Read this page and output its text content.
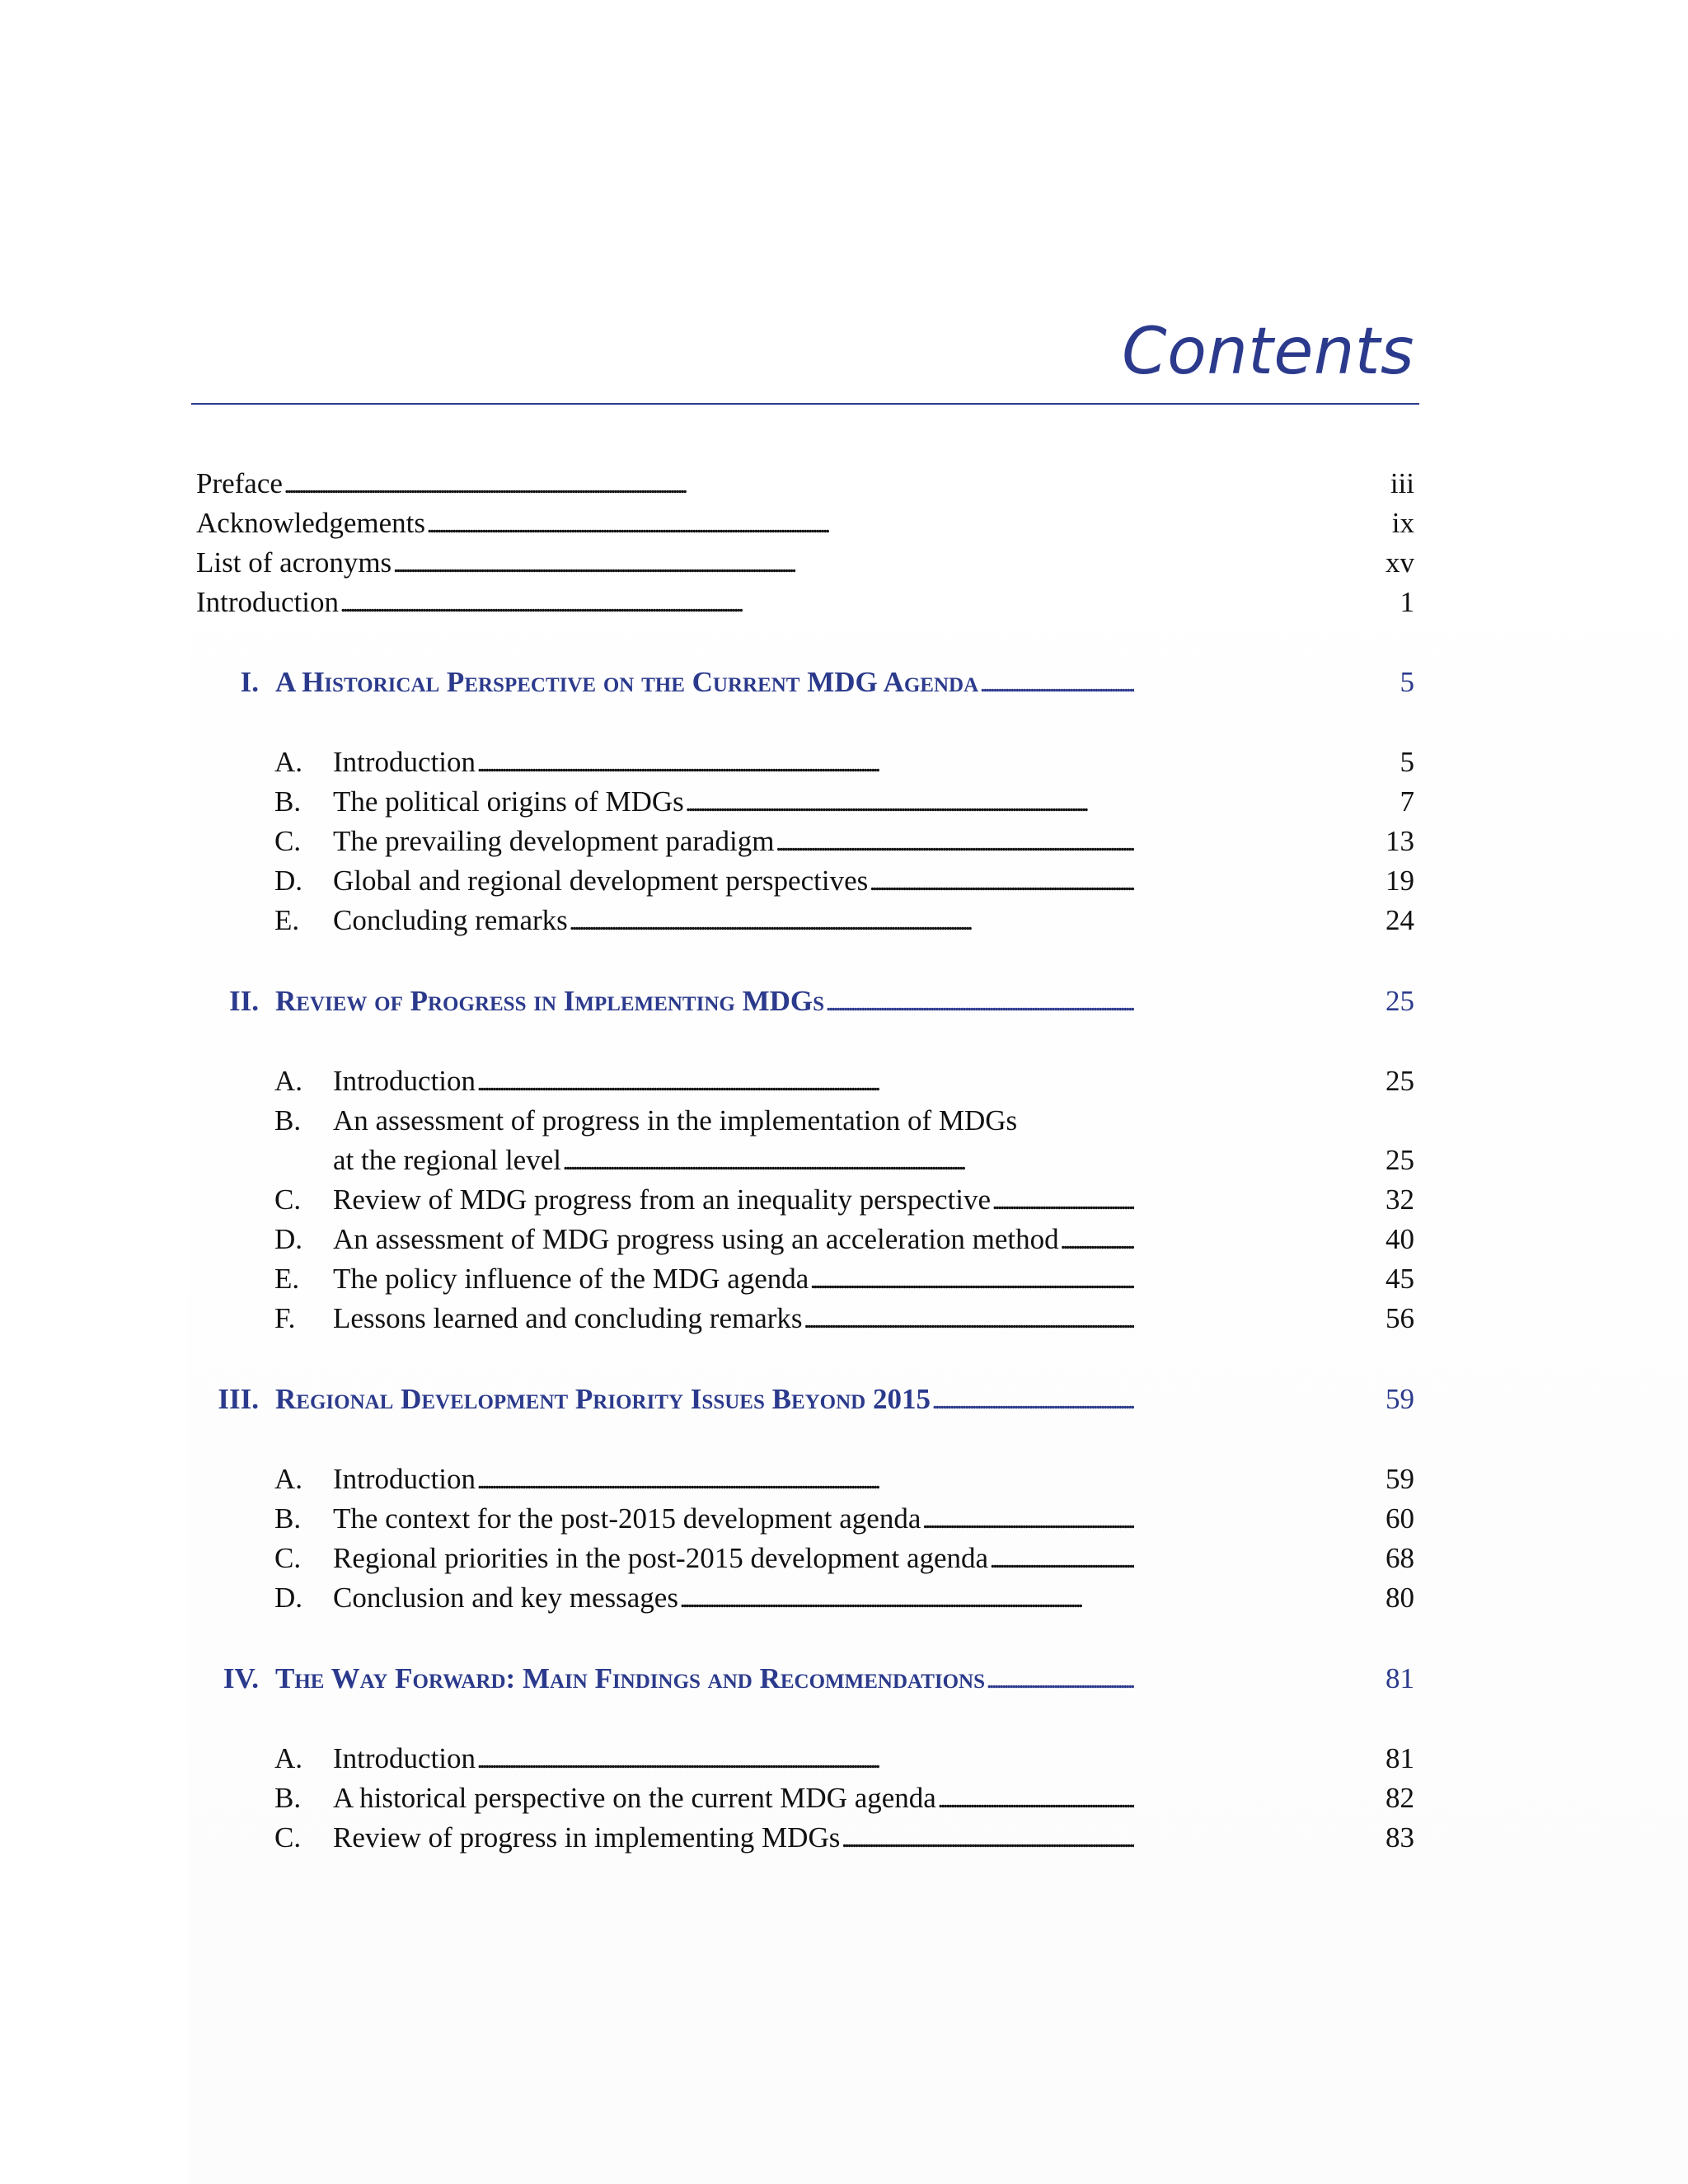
Contents
Preface . . .	iii
Acknowledgements . . .	ix
List of acronyms . . .	xv
Introduction . . .	1
I. A Historical Perspective on the Current MDG Agenda . . .	5
A. Introduction . . .	5
B. The political origins of MDGs . . .	7
C. The prevailing development paradigm . . .	13
D. Global and regional development perspectives . . .	19
E. Concluding remarks . . .	24
II. Review of Progress in Implementing MDGs . . .	25
A. Introduction . . .	25
B. An assessment of progress in the implementation of MDGs
at the regional level . . .	25
C. Review of MDG progress from an inequality perspective . . .	32
D. An assessment of MDG progress using an acceleration method . . .	40
E. The policy influence of the MDG agenda . . .	45
F. Lessons learned and concluding remarks . . .	56
III. Regional Development Priority Issues Beyond 2015 . . .	59
A. Introduction . . .	59
B. The context for the post-2015 development agenda . . .	60
C. Regional priorities in the post-2015 development agenda . . .	68
D. Conclusion and key messages . . .	80
IV. The Way Forward: Main Findings and Recommendations . . .	81
A. Introduction . . .	81
B. A historical perspective on the current MDG agenda . . .	82
C. Review of progress in implementing MDGs . . .	83
